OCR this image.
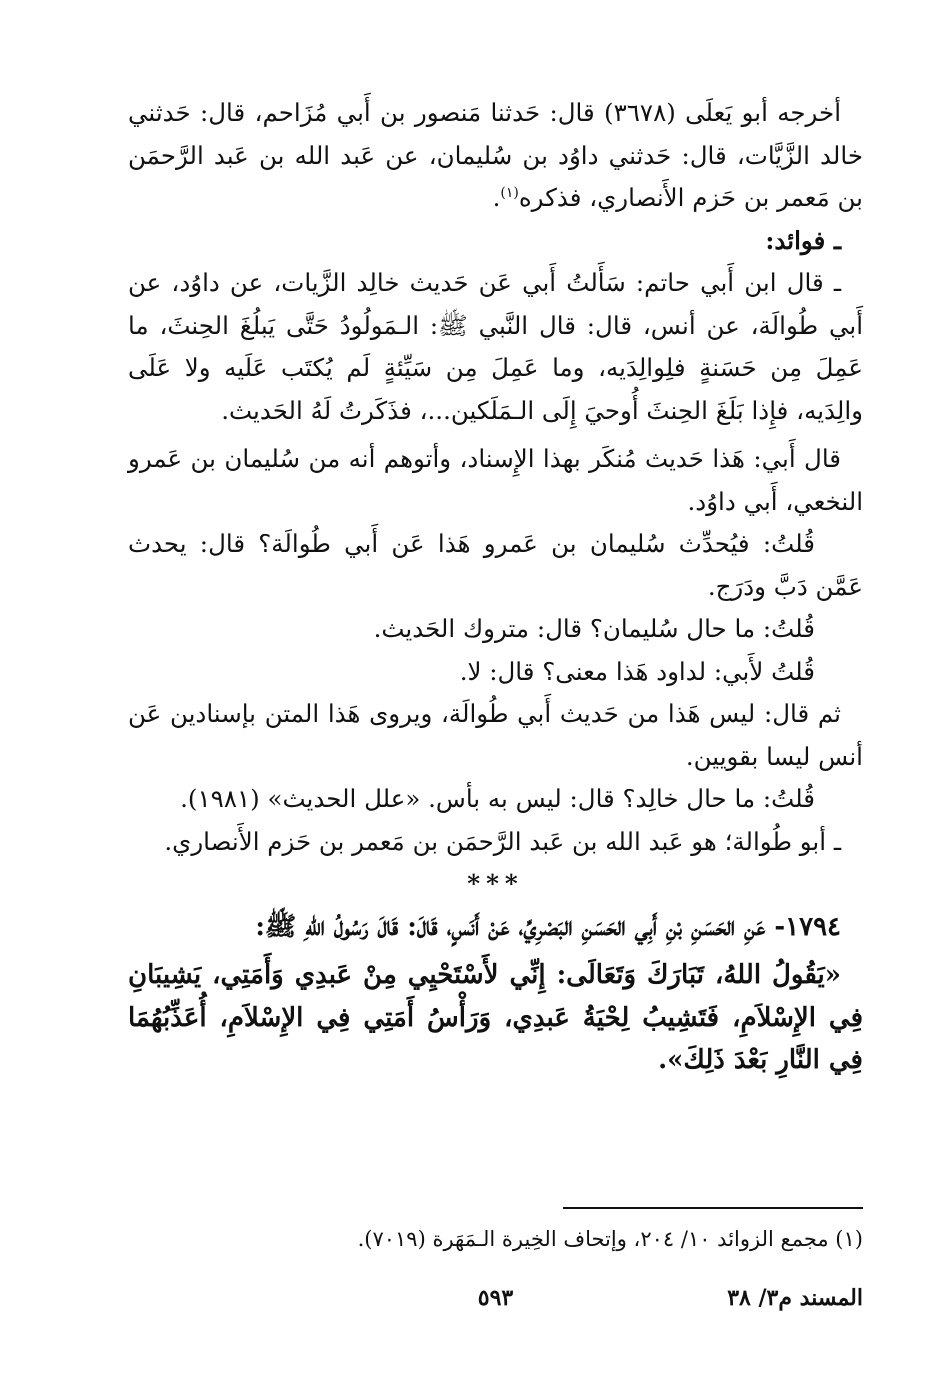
أخرجه أبو يَعلَى (٣٦٧٨) قال: حَدثنا مَنصور بن أَبي مُزَاحم، قال: حَدثني خالد الزَّيَّات، قال: حَدثني داوُد بن سُليمان، عن عَبد الله بن عَبد الرَّحمَن بن مَعمر بن حَزم الأَنصاري، فذكره$^{(١)}$.

ـ فوائد:

ـ قال ابن أَبي حاتم: سَأَلتُ أَبي عَن حَديث خالِد الزَّيات، عن داوُد، عن أَبي طُوالَة، عن أنس، قال: قال النَّبي ﷺ: الـمَولُودُ حَتَّى يَبلُغَ الحِنثَ، ما عَمِلَ مِن حَسَنةٍ فلِوالِدَيه، وما عَمِلَ مِن سَيِّئةٍ لَم يُكتَب عَلَيه ولا عَلَى والِدَيه، فإِذا بَلَغَ الحِنثَ أُوحيَ إِلَى الـمَلَكين...، فذَكَرتُ لَهُ الحَديث.

قال أَبي: هَذا حَديث مُنكَر بهذا الإِسناد، وأتوهم أنه من سُليمان بن عَمرو النخعي، أَبي داوُد.

قُلتُ: فيُحدِّث سُليمان بن عَمرو هَذا عَن أَبي طُوالَة؟ قال: يحدث عَمَّن دَبَّ ودَرَج.

قُلتُ: ما حال سُليمان؟ قال: متروك الحَديث.

قُلتُ لأَبي: لداود هَذا معنى؟ قال: لا.

ثم قال: ليس هَذا من حَديث أَبي طُوالَة، ويروى هَذا المتن بإسنادين عَن أنس ليسا بقويين.

قُلتُ: ما حال خالِد؟ قال: ليس به بأس. «علل الحديث» (١٩٨١).

ـ أبو طُوالة؛ هو عَبد الله بن عَبد الرَّحمَن بن مَعمر بن حَزم الأَنصاري.

***

١٧٩٤- عَنِ الحَسَنِ بْنِ أَبِي الحَسَنِ البَصْرِيِّ، عَنْ أَنَسٍ، قَالَ: قَالَ رَسُولُ اللهِ ﷺ:

«يَقُولُ اللهُ، تَبَارَكَ وَتَعَالَى: إِنِّي لأَسْتَحْيِي مِنْ عَبدِي وَأَمَتِي، يَشِيبَانِ فِي الإِسْلاَمِ، فَتَشِيبُ لِحْيَةُ عَبدِي، وَرَأْسُ أَمَتِي فِي الإِسْلاَمِ، أُعَذِّبُهُمَا فِي النَّارِ بَعْدَ ذَلِكَ».

(١) مجمع الزوائد ١٠/ ٢٠٤، وإتحاف الخِيرة الـمَهَرة (٧٠١٩).
المسند م٣/ ٣٨
٥٩٣
